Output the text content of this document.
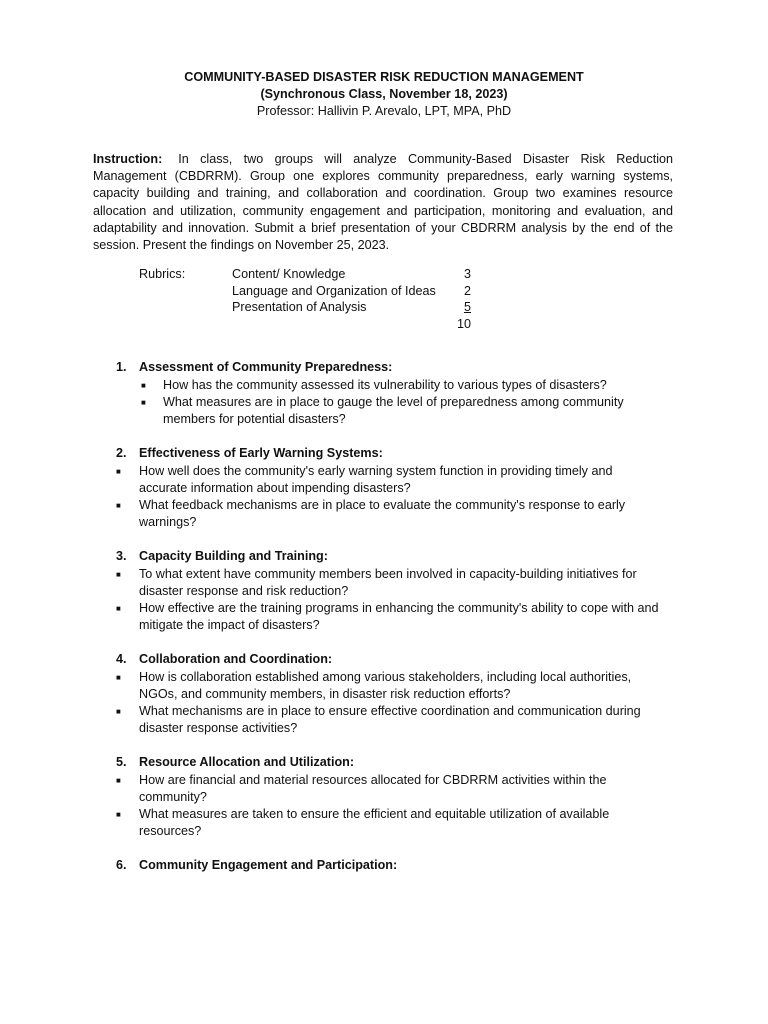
COMMUNITY-BASED DISASTER RISK REDUCTION MANAGEMENT
(Synchronous Class, November 18, 2023)
Professor: Hallivin P. Arevalo, LPT, MPA, PhD
Instruction: In class, two groups will analyze Community-Based Disaster Risk Reduction Management (CBDRRM). Group one explores community preparedness, early warning systems, capacity building and training, and collaboration and coordination. Group two examines resource allocation and utilization, community engagement and participation, monitoring and evaluation, and adaptability and innovation. Submit a brief presentation of your CBDRRM analysis by the end of the session. Present the findings on November 25, 2023.
Rubrics:	Content/ Knowledge	3
Language and Organization of Ideas	2
Presentation of Analysis	5
10
1. Assessment of Community Preparedness:
■ How has the community assessed its vulnerability to various types of disasters?
■ What measures are in place to gauge the level of preparedness among community members for potential disasters?
2. Effectiveness of Early Warning Systems:
■ How well does the community's early warning system function in providing timely and accurate information about impending disasters?
■ What feedback mechanisms are in place to evaluate the community's response to early warnings?
3. Capacity Building and Training:
■ To what extent have community members been involved in capacity-building initiatives for disaster response and risk reduction?
■ How effective are the training programs in enhancing the community's ability to cope with and mitigate the impact of disasters?
4. Collaboration and Coordination:
■ How is collaboration established among various stakeholders, including local authorities, NGOs, and community members, in disaster risk reduction efforts?
■ What mechanisms are in place to ensure effective coordination and communication during disaster response activities?
5. Resource Allocation and Utilization:
■ How are financial and material resources allocated for CBDRRM activities within the community?
■ What measures are taken to ensure the efficient and equitable utilization of available resources?
6. Community Engagement and Participation:
